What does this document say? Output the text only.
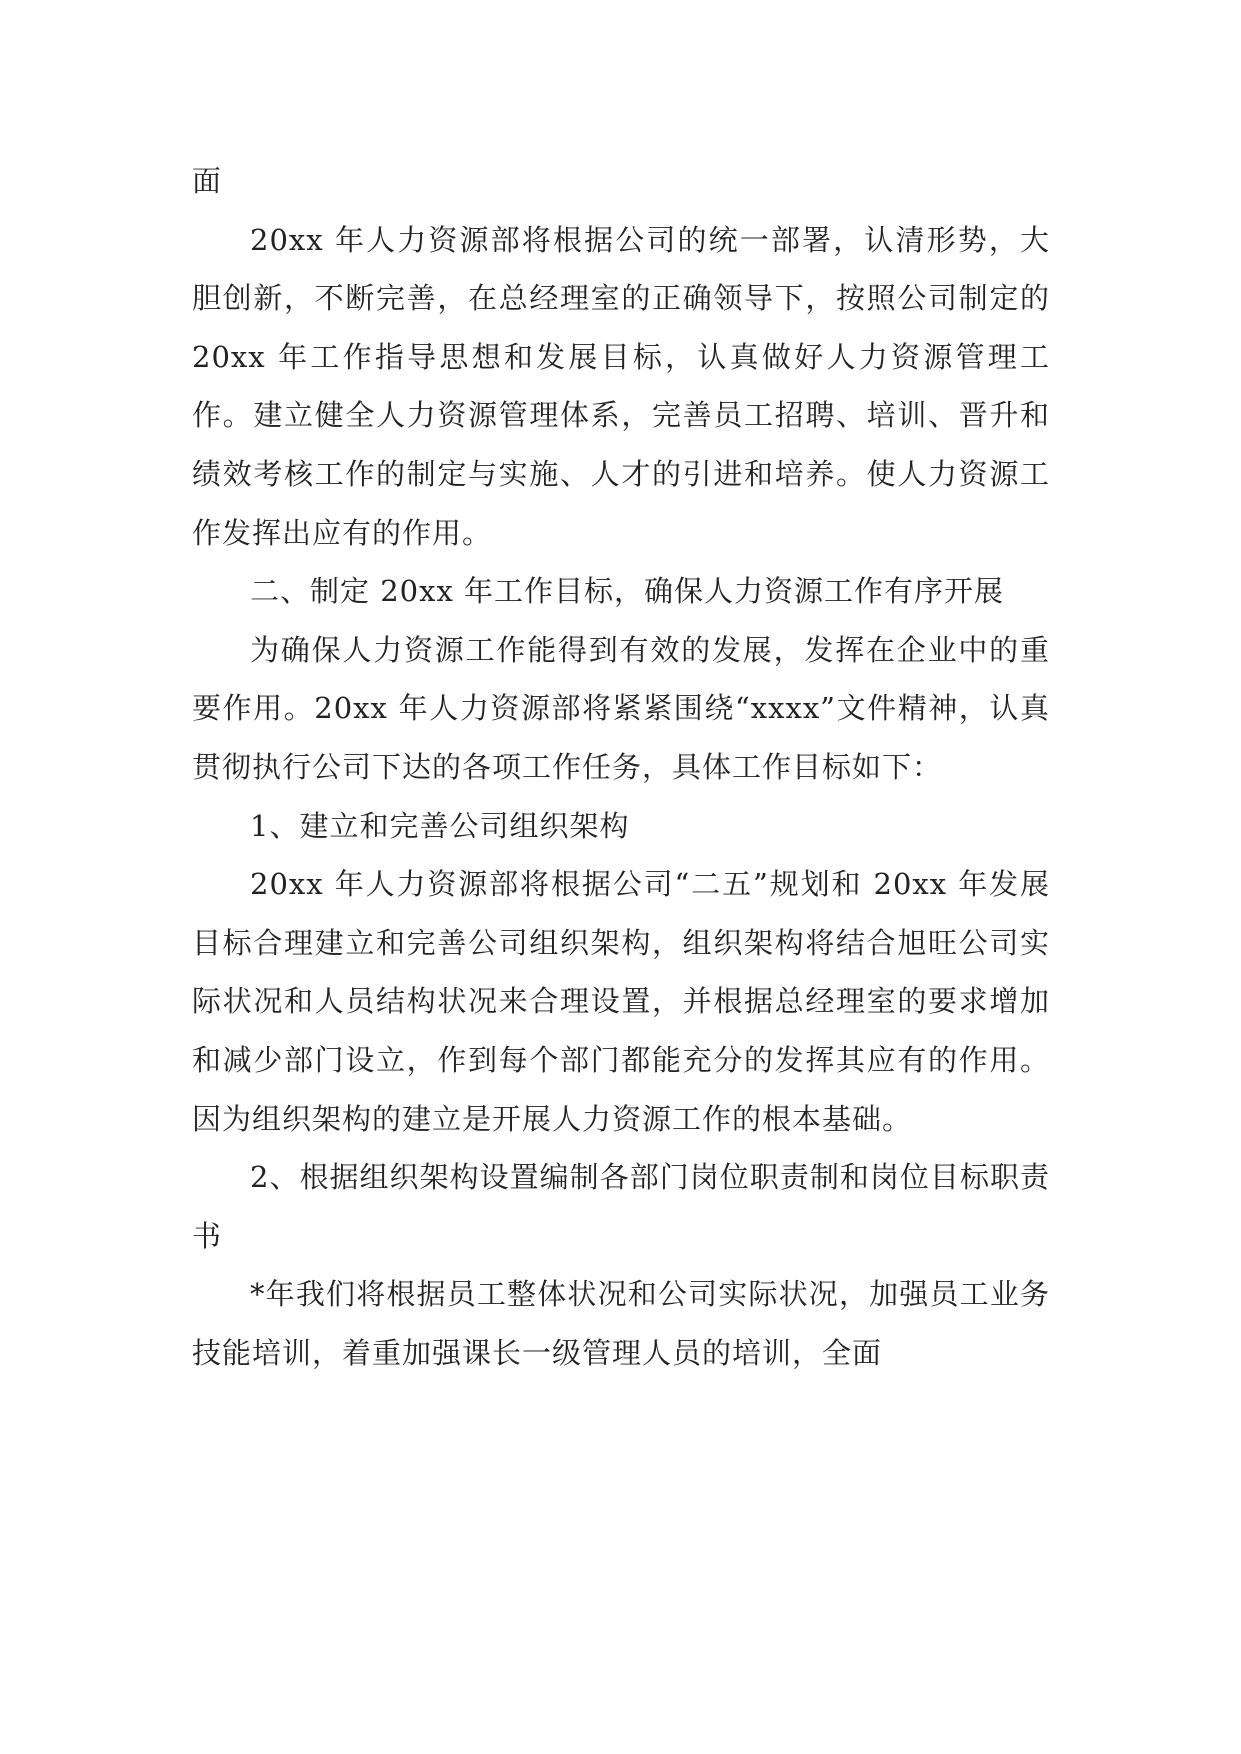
面

20xx 年人力资源部将根据公司的统一部署，认清形势，大胆创新，不断完善，在总经理室的正确领导下，按照公司制定的 20xx 年工作指导思想和发展目标，认真做好人力资源管理工作。建立健全人力资源管理体系，完善员工招聘、培训、晋升和绩效考核工作的制定与实施、人才的引进和培养。使人力资源工作发挥出应有的作用。

二、制定 20xx 年工作目标，确保人力资源工作有序开展

为确保人力资源工作能得到有效的发展，发挥在企业中的重要作用。20xx 年人力资源部将紧紧围绕“xxxx”文件精神，认真贯彻执行公司下达的各项工作任务，具体工作目标如下：

1、建立和完善公司组织架构

20xx 年人力资源部将根据公司“二五”规划和 20xx 年发展目标合理建立和完善公司组织架构，组织架构将结合旭旺公司实际状况和人员结构状况来合理设置，并根据总经理室的要求增加和减少部门设立，作到每个部门都能充分的发挥其应有的作用。因为组织架构的建立是开展人力资源工作的根本基础。

2、根据组织架构设置编制各部门岗位职责制和岗位目标职责书

*年我们将根据员工整体状况和公司实际状况，加强员工业务技能培训，着重加强课长一级管理人员的培训，全面
